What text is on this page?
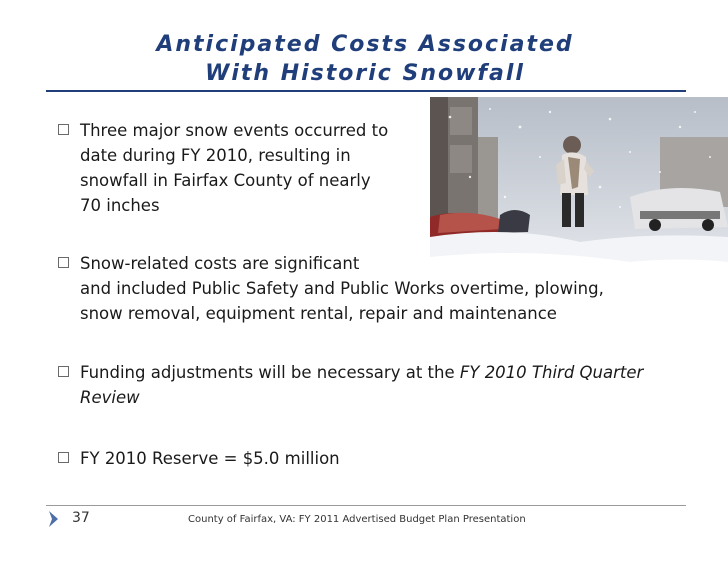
Anticipated Costs Associated
With Historic Snowfall
Three major snow events occurred to
date during FY 2010, resulting in
snowfall in Fairfax County of nearly
70 inches
Snow-related costs are significant
and included Public Safety and Public Works overtime, plowing,
snow removal, equipment rental, repair and maintenance
Funding adjustments will be necessary at the FY 2010 Third Quarter
Review
FY 2010 Reserve = $5.0 million
37	County of Fairfax, VA: FY 2011 Advertised Budget Plan Presentation
